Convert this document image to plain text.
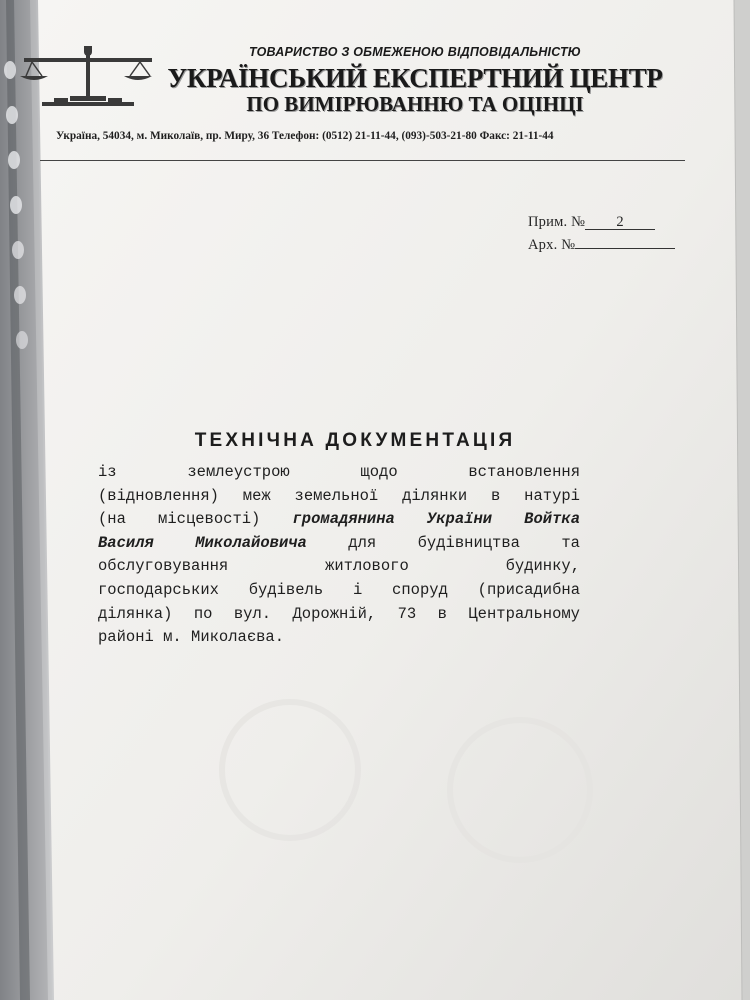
ТОВАРИСТВО З ОБМЕЖЕНОЮ ВІДПОВІДАЛЬНІСТЮ
УКРАЇНСЬКИЙ ЕКСПЕРТНИЙ ЦЕНТР
ПО ВИМІРЮВАННЮ ТА ОЦІНЦІ
Україна, 54034, м. Миколаїв, пр. Миру, 36 Телефон: (0512) 21-11-44, (093)-503-21-80 Факс: 21-11-44
Прим. № 2
Арх. №
ТЕХНІЧНА ДОКУМЕНТАЦІЯ
із землеустрою щодо встановлення
(відновлення) меж земельної ділянки в натурі
(на місцевості) громадянина України Войтка
Василя Миколайовича	для будівництва та
обслуговування житлового будинку,
господарських будівель і споруд (присадибна
ділянка) по вул. Дорожній, 73 в Центральному
районі м. Миколаєва.
